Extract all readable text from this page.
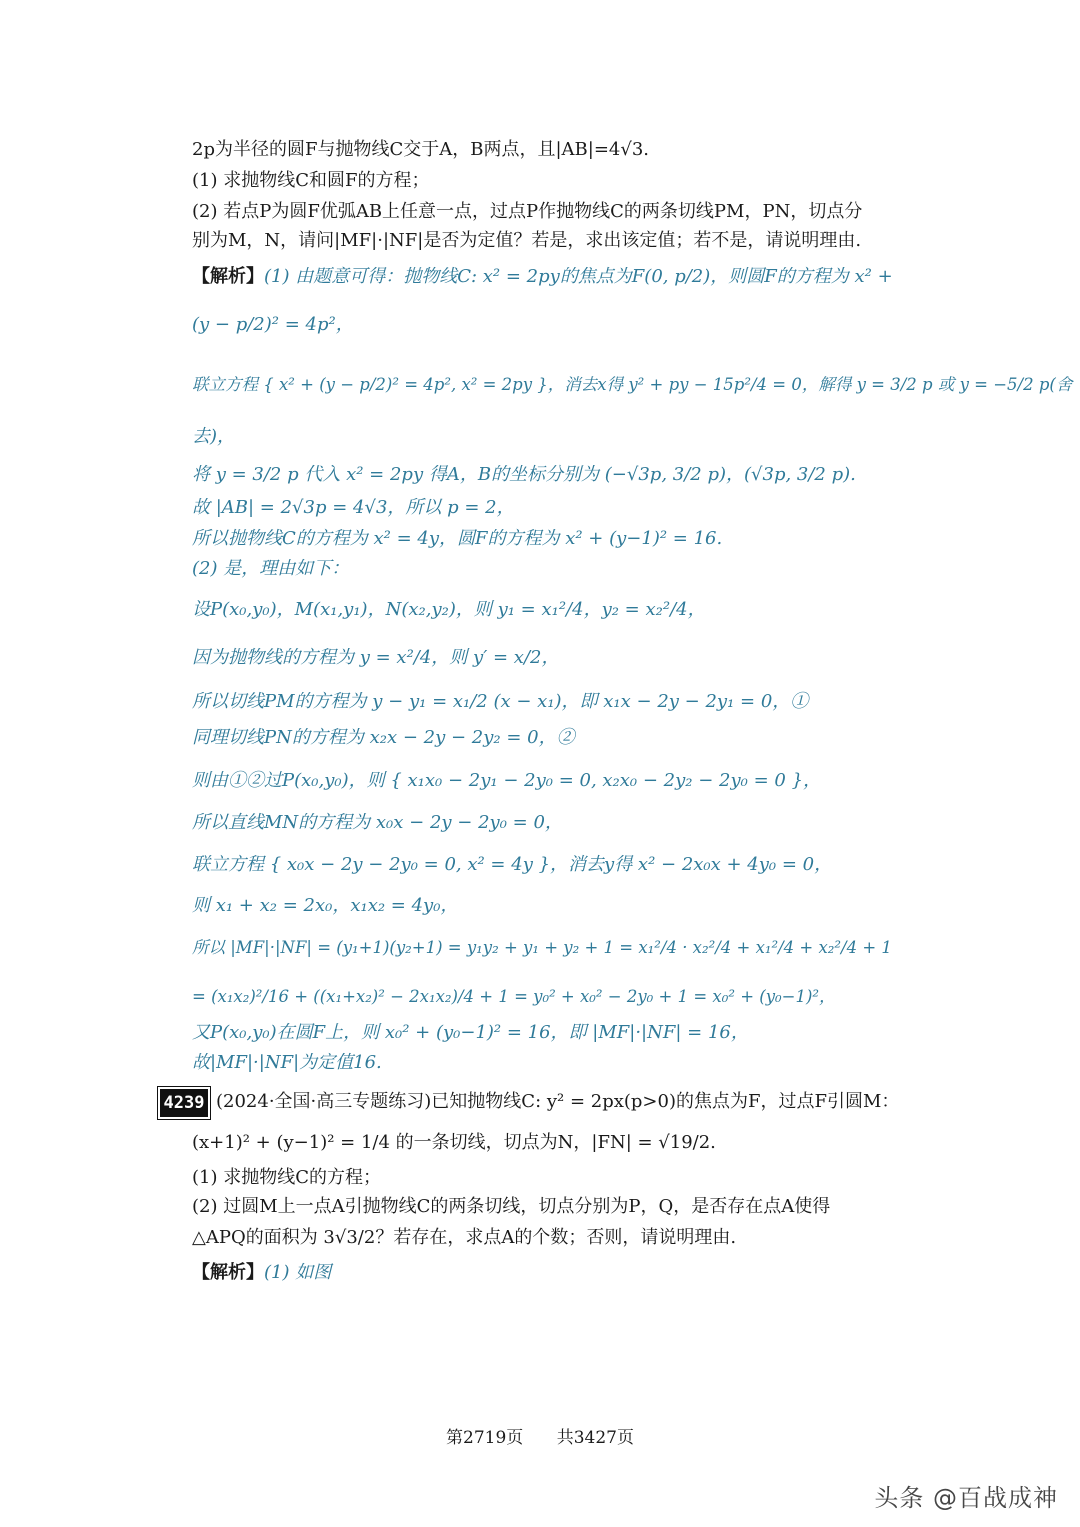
2p为半径的圆F与抛物线C交于A，B两点，且|AB|=4√3.
(1) 求抛物线C和圆F的方程；
(2) 若点P为圆F优弧AB上任意一点，过点P作抛物线C的两条切线PM，PN，切点分
别为M，N，请问|MF|·|NF|是否为定值？若是，求出该定值；若不是，请说明理由.
【解析】(1) 由题意可得：抛物线C: x² = 2py的焦点为F(0, p/2)，则圆F的方程为 x² +
(y − p/2)² = 4p²，
联立方程 { x² + (y − p/2)² = 4p², x² = 2py }，消去x得 y² + py − 15p²/4 = 0，解得 y = 3/2 p 或 y = −5/2 p(舍
去)，
将 y = 3/2 p 代入 x² = 2py 得A，B的坐标分别为 (−√3p, 3/2 p)，(√3p, 3/2 p).
故 |AB| = 2√3p = 4√3，所以 p = 2，
所以抛物线C的方程为 x² = 4y，圆F的方程为 x² + (y−1)² = 16.
(2) 是，理由如下：
设P(x₀,y₀)，M(x₁,y₁)，N(x₂,y₂)，则 y₁ = x₁²/4，y₂ = x₂²/4，
因为抛物线的方程为 y = x²/4，则 y′ = x/2，
所以切线PM的方程为 y − y₁ = x₁/2 (x − x₁)，即 x₁x − 2y − 2y₁ = 0，①
同理切线PN的方程为 x₂x − 2y − 2y₂ = 0，②
则由①②过P(x₀,y₀)，则 { x₁x₀ − 2y₁ − 2y₀ = 0, x₂x₀ − 2y₂ − 2y₀ = 0 }，
所以直线MN的方程为 x₀x − 2y − 2y₀ = 0，
联立方程 { x₀x − 2y − 2y₀ = 0, x² = 4y }，消去y得 x² − 2x₀x + 4y₀ = 0，
则 x₁ + x₂ = 2x₀，x₁x₂ = 4y₀，
所以 |MF|·|NF| = (y₁+1)(y₂+1) = y₁y₂ + y₁ + y₂ + 1 = x₁²/4 · x₂²/4 + x₁²/4 + x₂²/4 + 1
= (x₁x₂)²/16 + ((x₁+x₂)² − 2x₁x₂)/4 + 1 = y₀² + x₀² − 2y₀ + 1 = x₀² + (y₀−1)²，
又P(x₀,y₀)在圆F上，则 x₀² + (y₀−1)² = 16，即 |MF|·|NF| = 16，
故|MF|·|NF|为定值16.
4239 (2024·全国·高三专题练习)已知抛物线C: y² = 2px(p>0)的焦点为F，过点F引圆M：
(x+1)² + (y−1)² = 1/4 的一条切线，切点为N，|FN| = √19/2.
(1) 求抛物线C的方程；
(2) 过圆M上一点A引抛物线C的两条切线，切点分别为P，Q，是否存在点A使得
△APQ的面积为 3√3/2？若存在，求点A的个数；否则，请说明理由.
【解析】(1) 如图
第2719页 共3427页
头条 @百战成神
